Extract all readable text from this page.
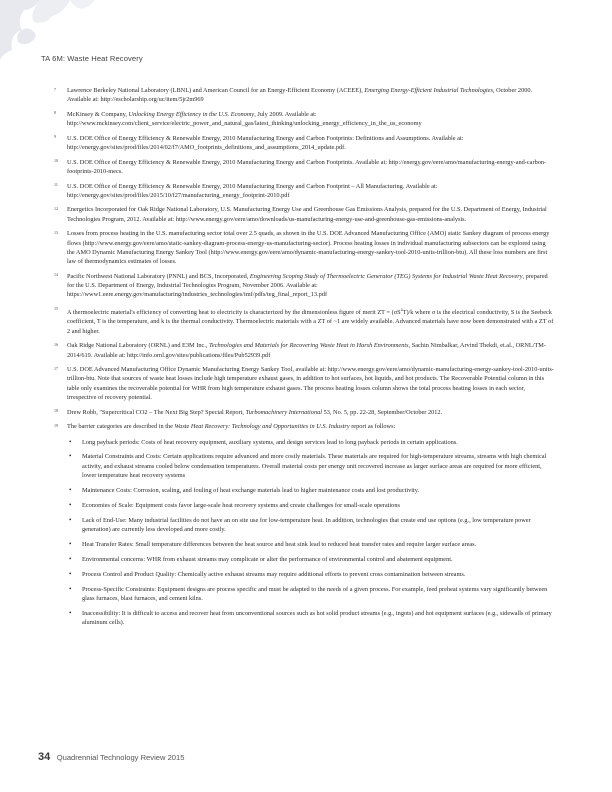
TA 6M: Waste Heat Recovery
7 Lawrence Berkeley National Laboratory (LBNL) and American Council for an Energy-Efficient Economy (ACEEE), Emerging Energy-Efficient Industrial Technologies, October 2000. Available at: http://escholarship.org/uc/item/5jr2m969
8 McKinsey & Company, Unlocking Energy Efficiency in the U.S. Economy, July 2009. Available at: http://www.mckinsey.com/client_service/electric_power_and_natural_gas/latest_thinking/unlocking_energy_efficiency_in_the_us_economy
9 U.S. DOE Office of Energy Efficiency & Renewable Energy, 2010 Manufacturing Energy and Carbon Footprints: Definitions and Assumptions. Available at: http://energy.gov/sites/prod/files/2014/02/f7/AMO_footprints_definitions_and_assumptions_2014_update.pdf.
10 U.S. DOE Office of Energy Efficiency & Renewable Energy, 2010 Manufacturing Energy and Carbon Footprints. Available at: http://energy.gov/eere/amo/manufacturing-energy-and-carbon-footprints-2010-mecs.
11 U.S. DOE Office of Energy Efficiency & Renewable Energy, 2010 Manufacturing Energy and Carbon Footprint – All Manufacturing. Available at: http://energy.gov/sites/prod/files/2015/10/f27/manufacturing_energy_footprint-2010.pdf
12 Energetics Incorporated for Oak Ridge National Laboratory, U.S. Manufacturing Energy Use and Greenhouse Gas Emissions Analysis, prepared for the U.S. Department of Energy, Industrial Technologies Program, 2012. Available at: http://www.energy.gov/eere/amo/downloads/us-manufacturing-energy-use-and-greenhouse-gas-emissions-analysis.
13 Losses from process heating in the U.S. manufacturing sector total over 2.5 quads, as shown in the U.S. DOE Advanced Manufacturing Office (AMO) static Sankey diagram of process energy flows (http://www.energy.gov/eere/amo/static-sankey-diagram-process-energy-us-manufacturing-sector). Process heating losses in individual manufacturing subsectors can be explored using the AMO Dynamic Manufacturing Energy Sankey Tool (http://www.energy.gov/eere/amo/dynamic-manufacturing-energy-sankey-tool-2010-units-trillion-btu). All these loss numbers are first law of thermodynamics estimates of losses.
14 Pacific Northwest National Laboratory (PNNL) and BCS, Incorporated, Engineering Scoping Study of Thermoelectric Generator (TEG) Systems for Industrial Waste Heat Recovery, prepared for the U.S. Department of Energy, Industrial Technologies Program, November 2006. Available at: https://www1.eere.energy.gov/manufacturing/industries_technologies/imf/pdfs/teg_final_report_13.pdf
15
A thermoelectric material's efficiency of converting heat to electricity is characterized by the dimensionless figure of merit ZT = $(\sigma S^2T)/k$ where σ is the electrical conductivity, S is the Seebeck coefficient, T is the temperature, and k is the thermal conductivity. Thermoelectric materials with a ZT of ~1 are widely available. Advanced materials have now been demonstrated with a ZT of 2 and higher.
16 Oak Ridge National Laboratory (ORNL) and E3M Inc., Technologies and Materials for Recovering Waste Heat in Harsh Environments, Sachin Nimbalkar, Arvind Thekdi, et.al., ORNL/TM-2014/619. Available at: http://info.ornl.gov/sites/publications/files/Pub52939.pdf
17 U.S. DOE Advanced Manufacturing Office Dynamic Manufacturing Energy Sankey Tool, available at: http://www.energy.gov/eere/amo/dynamic-manufacturing-energy-sankey-tool-2010-units-trillion-btu. Note that sources of waste heat losses include high temperature exhaust gases, in addition to hot surfaces, hot liquids, and hot products. The Recoverable Potential column in this table only examines the recoverable potential for WHR from high temperature exhaust gases. The process heating losses column shows the total process heating losses in each sector, irrespective of recovery potential.
18 Drew Robb, "Supercritical CO2 – The Next Big Step? Special Report, Turbomachinery International 53, No. 5, pp. 22-28, September/October 2012.
19 The barrier categories are described in the Waste Heat Recovery: Technology and Opportunities in U.S. Industry report as follows:
• Long payback periods: Costs of heat recovery equipment, auxiliary systems, and design services lead to long payback periods in certain applications.
• Material Constraints and Costs: Certain applications require advanced and more costly materials. These materials are required for high-temperature streams, streams with high chemical activity, and exhaust streams cooled below condensation temperatures. Overall material costs per energy unit recovered increase as larger surface areas are required for more efficient, lower temperature heat recovery systems
• Maintenance Costs: Corrosion, scaling, and fouling of heat exchange materials lead to higher maintenance costs and lost productivity.
• Economies of Scale: Equipment costs favor large-scale heat recovery systems and create challenges for small-scale operations
• Lack of End-Use: Many industrial facilities do not have an on site use for low-temperature heat. In addition, technologies that create end use options (e.g., low temperature power generation) are currently less developed and more costly.
• Heat Transfer Rates: Small temperature differences between the heat source and heat sink lead to reduced heat transfer rates and require larger surface areas.
• Environmental concerns: WHR from exhaust streams may complicate or alter the performance of environmental control and abatement equipment.
• Process Control and Product Quality: Chemically active exhaust streams may require additional efforts to prevent cross contamination between streams.
• Process-Specific Constraints: Equipment designs are process specific and must be adapted to the needs of a given process. For example, feed preheat systems vary significantly between glass furnaces, blast furnaces, and cement kilns.
• Inaccessibility: It is difficult to access and recover heat from unconventional sources such as hot solid product streams (e.g., ingots) and hot equipment surfaces (e.g., sidewalls of primary aluminum cells).
34 Quadrennial Technology Review 2015
